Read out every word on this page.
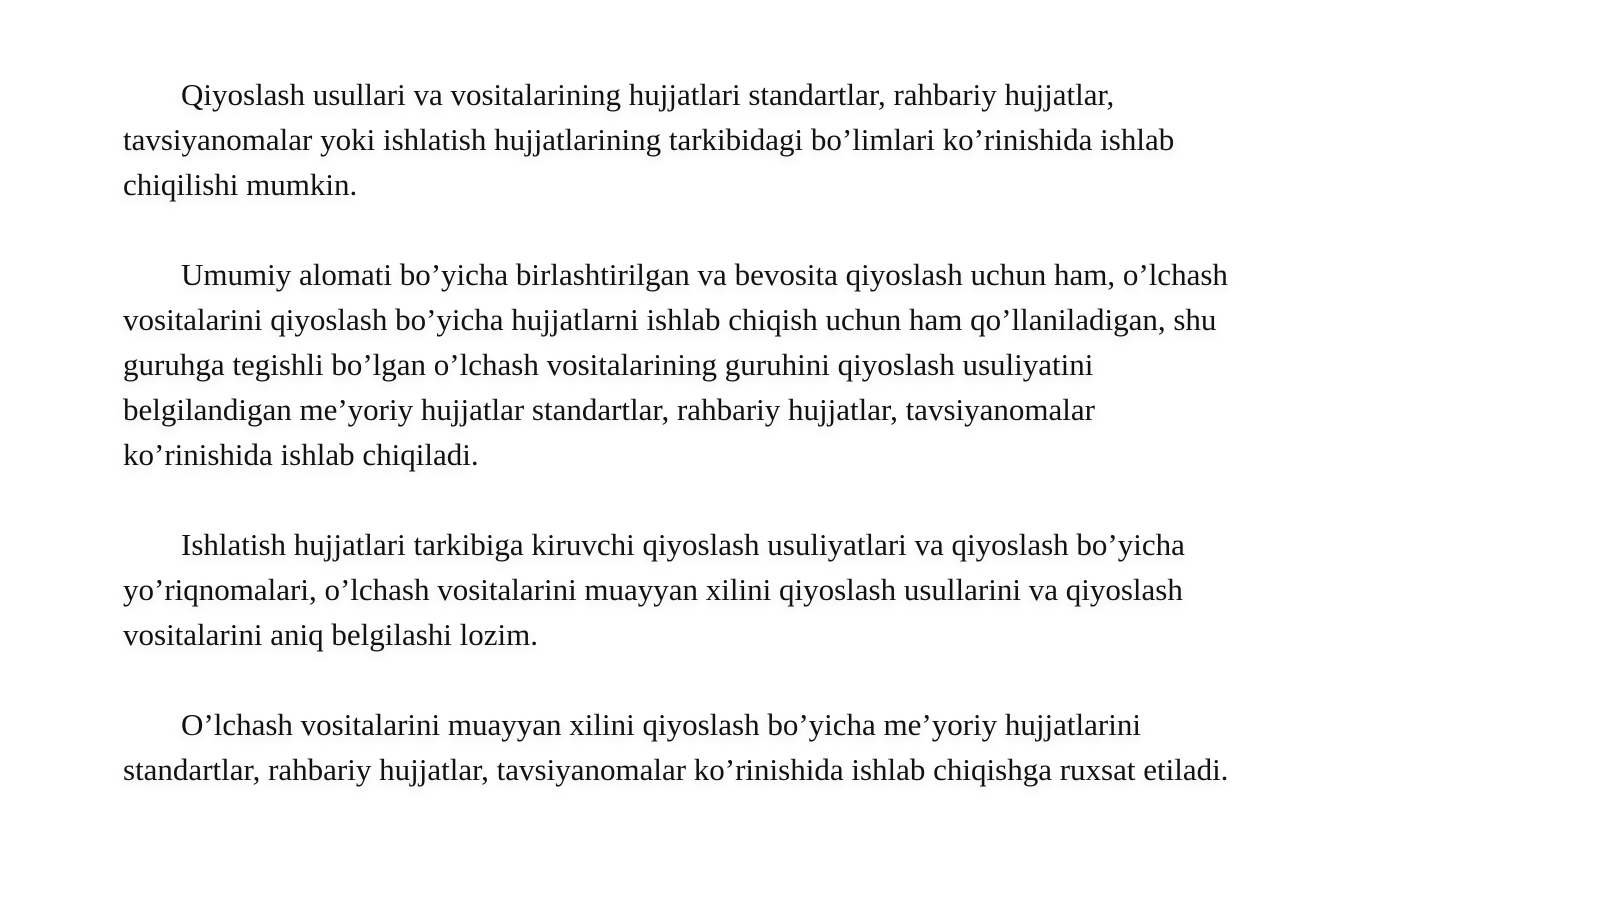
Qiyoslash usullari va vositalarining hujjatlari standartlar, rahbariy hujjatlar,
tavsiyanomalar yoki ishlatish hujjatlarining tarkibidagi bo’limlari ko’rinishida ishlab
chiqilishi mumkin.

Umumiy alomati bo’yicha birlashtirilgan va bevosita qiyoslash uchun ham, o’lchash
vositalarini qiyoslash bo’yicha hujjatlarni ishlab chiqish uchun ham qo’llaniladigan, shu
guruhga tegishli bo’lgan o’lchash vositalarining guruhini qiyoslash usuliyatini
belgilandigan me’yoriy hujjatlar standartlar, rahbariy hujjatlar, tavsiyanomalar
ko’rinishida ishlab chiqiladi.

Ishlatish hujjatlari tarkibiga kiruvchi qiyoslash usuliyatlari va qiyoslash bo’yicha
yo’riqnomalari, o’lchash vositalarini muayyan xilini qiyoslash usullarini va qiyoslash
vositalarini aniq belgilashi lozim.

O’lchash vositalarini muayyan xilini qiyoslash bo’yicha me’yoriy hujjatlarini
standartlar, rahbariy hujjatlar, tavsiyanomalar ko’rinishida ishlab chiqishga ruxsat etiladi.
